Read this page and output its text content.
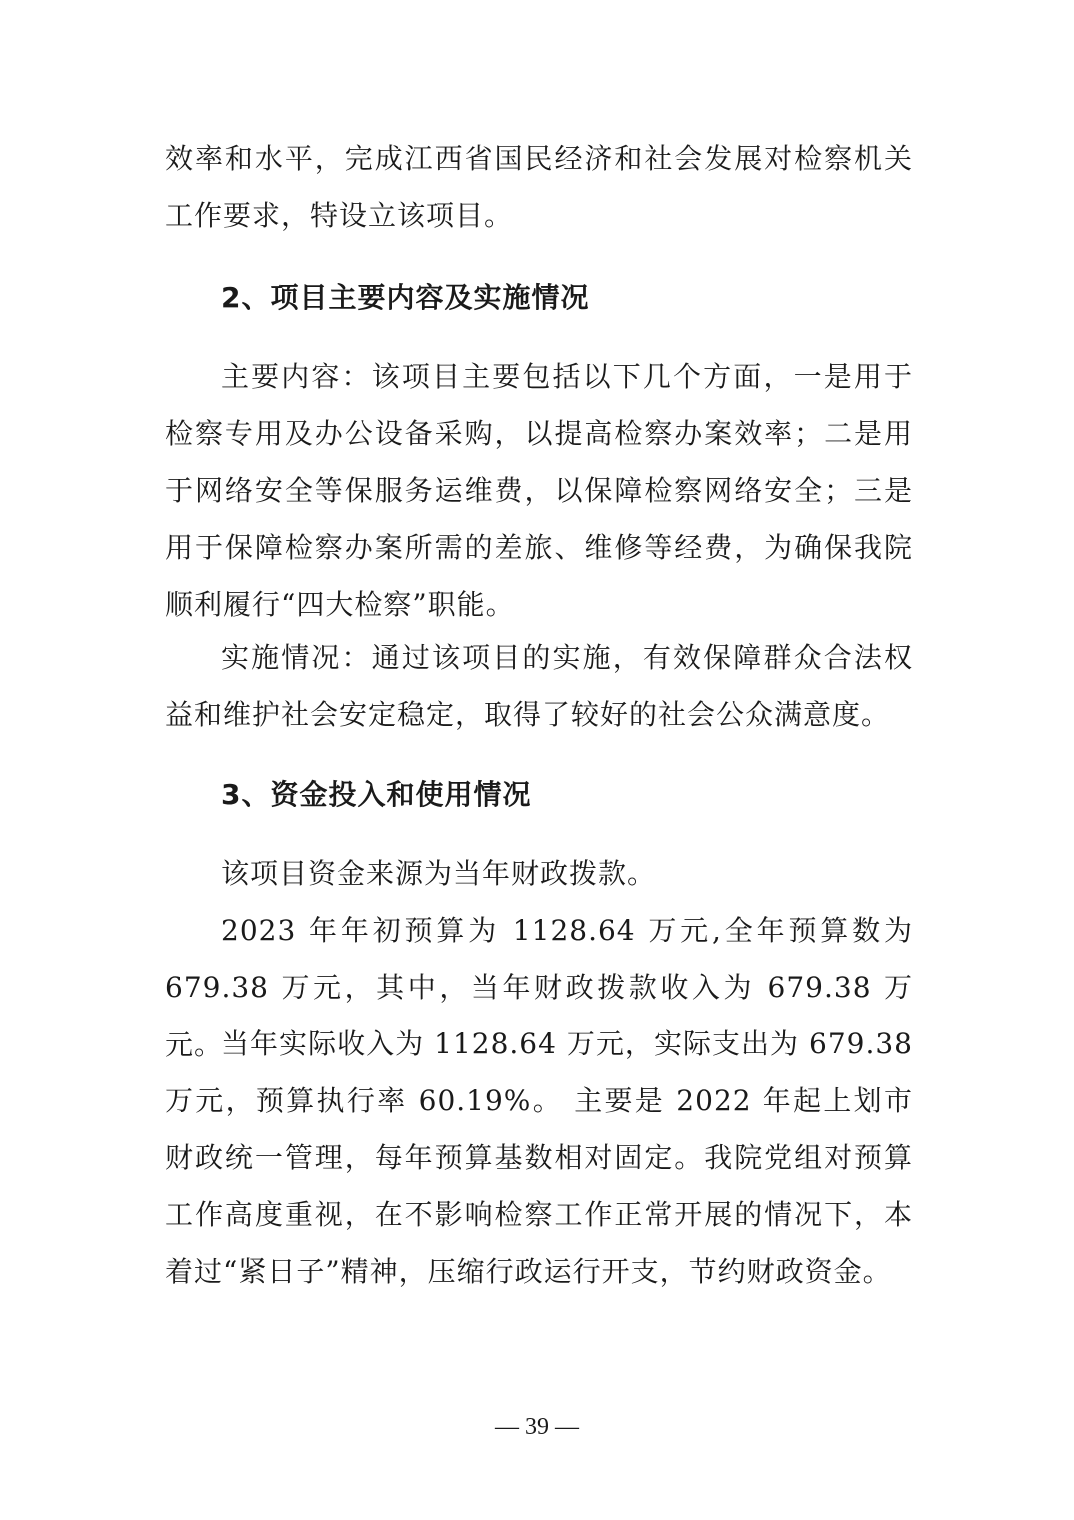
效率和水平，完成江西省国民经济和社会发展对检察机关工作要求，特设立该项目。

2、项目主要内容及实施情况

主要内容：该项目主要包括以下几个方面，一是用于检察专用及办公设备采购，以提高检察办案效率；二是用于网络安全等保服务运维费，以保障检察网络安全；三是用于保障检察办案所需的差旅、维修等经费，为确保我院顺利履行“四大检察”职能。

实施情况：通过该项目的实施，有效保障群众合法权益和维护社会安定稳定，取得了较好的社会公众满意度。

3、资金投入和使用情况

该项目资金来源为当年财政拨款。

2023 年年初预算为 1128.64 万元,全年预算数为 679.38 万元，其中，当年财政拨款收入为 679.38 万元。

当年实际收入为 1128.64 万元，实际支出为 679.38 万元，预算执行率 60.19%。 主要是 2022 年起上划市财政统一管理，每年预算基数相对固定。我院党组对预算工作高度重视，在不影响检察工作正常开展的情况下，本着过“紧日子”精神，压缩行政运行开支，节约财政资金。

— 39 —
